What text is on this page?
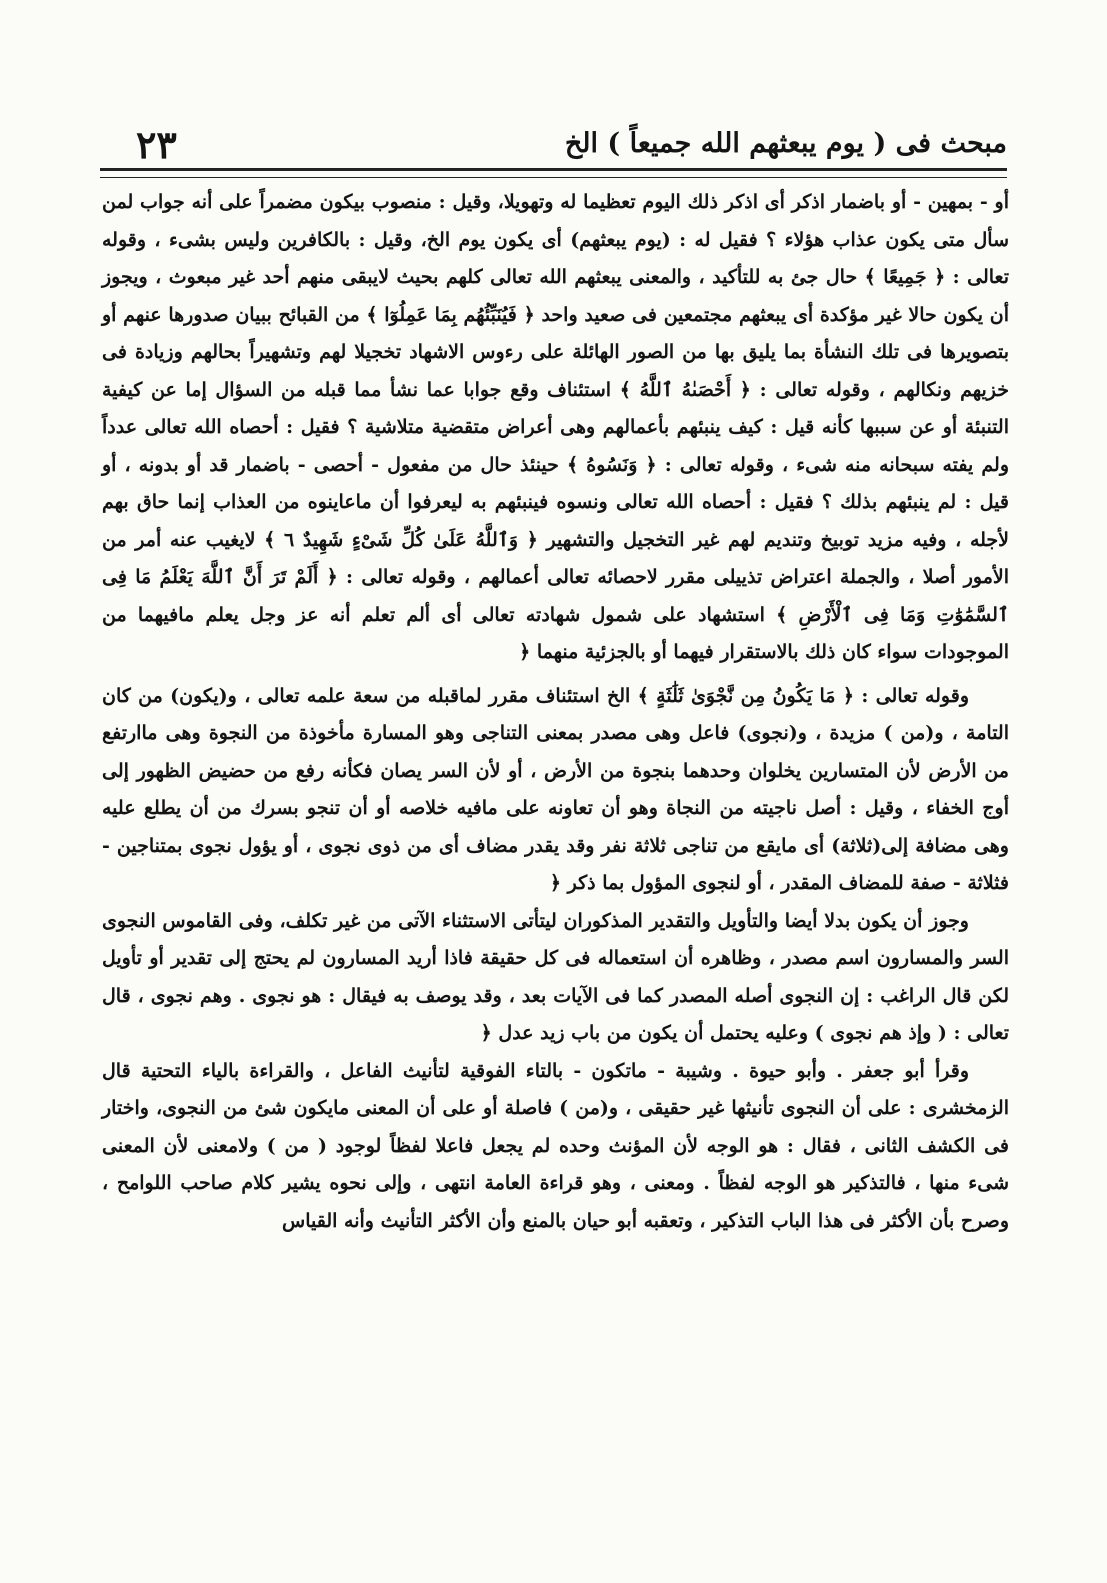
مبحث فى ( يوم يبعثهم الله جميعاً ) الخ
٢٣

أو - بمهين - أو باضمار اذكر أى اذكر ذلك اليوم تعظيما له وتهويلا، وقيل : منصوب بيكون مضمراً على أنه جواب لمن سأل متى يكون عذاب هؤلاء ؟ فقيل له : (يوم يبعثهم) أى يكون يوم الخ، وقيل : بالكافرين وليس بشىء ، وقوله تعالى : ﴿ جَمِيعًا ﴾ حال جئ به للتأكيد ، والمعنى يبعثهم الله تعالى كلهم بحيث لايبقى منهم أحد غير مبعوث ، ويجوز أن يكون حالا غير مؤكدة أى يبعثهم مجتمعين فى صعيد واحد ﴿ فَيُنَبِّئُهُم بِمَا عَمِلُوٓا ﴾ من القبائح ببيان صدورها عنهم أو بتصويرها فى تلك النشأة بما يليق بها من الصور الهائلة على رءوس الاشهاد تخجيلا لهم وتشهيراً بحالهم وزيادة فى خزيهم ونكالهم ، وقوله تعالى : ﴿ أَحْصَىٰهُ ٱللَّهُ ﴾ استئناف وقع جوابا عما نشأ مما قبله من السؤال إما عن كيفية التنبئة أو عن سببها كأنه قيل : كيف ينبئهم بأعمالهم وهى أعراض متقضية متلاشية ؟ فقيل : أحصاه الله تعالى عدداً ولم يفته سبحانه منه شىء ، وقوله تعالى : ﴿ وَنَسُوهُ ﴾ حينئذ حال من مفعول - أحصى - باضمار قد أو بدونه ، أو قيل : لم ينبئهم بذلك ؟ فقيل : أحصاه الله تعالى ونسوه فينبئهم به ليعرفوا أن ماعاينوه من العذاب إنما حاق بهم لأجله ، وفيه مزيد توبيخ وتنديم لهم غير التخجيل والتشهير ﴿ وَٱللَّهُ عَلَىٰ كُلِّ شَىْءٍ شَهِيدٌ ٦ ﴾ لايغيب عنه أمر من الأمور أصلا ، والجملة اعتراض تذييلى مقرر لاحصائه تعالى أعمالهم ، وقوله تعالى : ﴿ أَلَمْ تَرَ أَنَّ ٱللَّهَ يَعْلَمُ مَا فِى ٱلسَّمَٰوَٰتِ وَمَا فِى ٱلْأَرْضِ ﴾ استشهاد على شمول شهادته تعالى أى ألم تعلم أنه عز وجل يعلم مافيهما من الموجودات سواء كان ذلك بالاستقرار فيهما أو بالجزئية منهما ﴿

وقوله تعالى : ﴿ مَا يَكُونُ مِن نَّجْوَىٰ ثَلَٰثَةٍ ﴾ الخ استئناف مقرر لماقبله من سعة علمه تعالى ، و(يكون) من كان التامة ، و(من ) مزيدة ، و(نجوى) فاعل وهى مصدر بمعنى التناجى وهو المسارة مأخوذة من النجوة وهى ماارتفع من الأرض لأن المتسارين يخلوان وحدهما بنجوة من الأرض ، أو لأن السر يصان فكأنه رفع من حضيض الظهور إلى أوج الخفاء ، وقيل : أصل ناجيته من النجاة وهو أن تعاونه على مافيه خلاصه أو أن تنجو بسرك من أن يطلع عليه وهى مضافة إلى(ثلاثة) أى مايقع من تناجى ثلاثة نفر وقد يقدر مضاف أى من ذوى نجوى ، أو يؤول نجوى بمتناجين - فثلاثة - صفة للمضاف المقدر ، أو لنجوى المؤول بما ذكر ﴿

وجوز أن يكون بدلا أيضا والتأويل والتقدير المذكوران ليتأتى الاستثناء الآتى من غير تكلف، وفى القاموس النجوى السر والمسارون اسم مصدر ، وظاهره أن استعماله فى كل حقيقة فاذا أريد المسارون لم يحتج إلى تقدير أو تأويل لكن قال الراغب : إن النجوى أصله المصدر كما فى الآيات بعد ، وقد يوصف به فيقال : هو نجوى . وهم نجوى ، قال تعالى : ( وإذ هم نجوى ) وعليه يحتمل أن يكون من باب زيد عدل ﴿

وقرأ أبو جعفر . وأبو حيوة . وشيبة - ماتكون - بالتاء الفوقية لتأنيث الفاعل ، والقراءة بالياء التحتية قال الزمخشرى : على أن النجوى تأنيثها غير حقيقى ، و(من ) فاصلة أو على أن المعنى مايكون شئ من النجوى، واختار فى الكشف الثانى ، فقال : هو الوجه لأن المؤنث وحده لم يجعل فاعلا لفظاً لوجود ( من ) ولامعنى لأن المعنى شىء منها ، فالتذكير هو الوجه لفظاً . ومعنى ، وهو قراءة العامة انتهى ، وإلى نحوه يشير كلام صاحب اللوامح ، وصرح بأن الأكثر فى هذا الباب التذكير ، وتعقبه أبو حيان بالمنع وأن الأكثر التأنيث وأنه القياس
